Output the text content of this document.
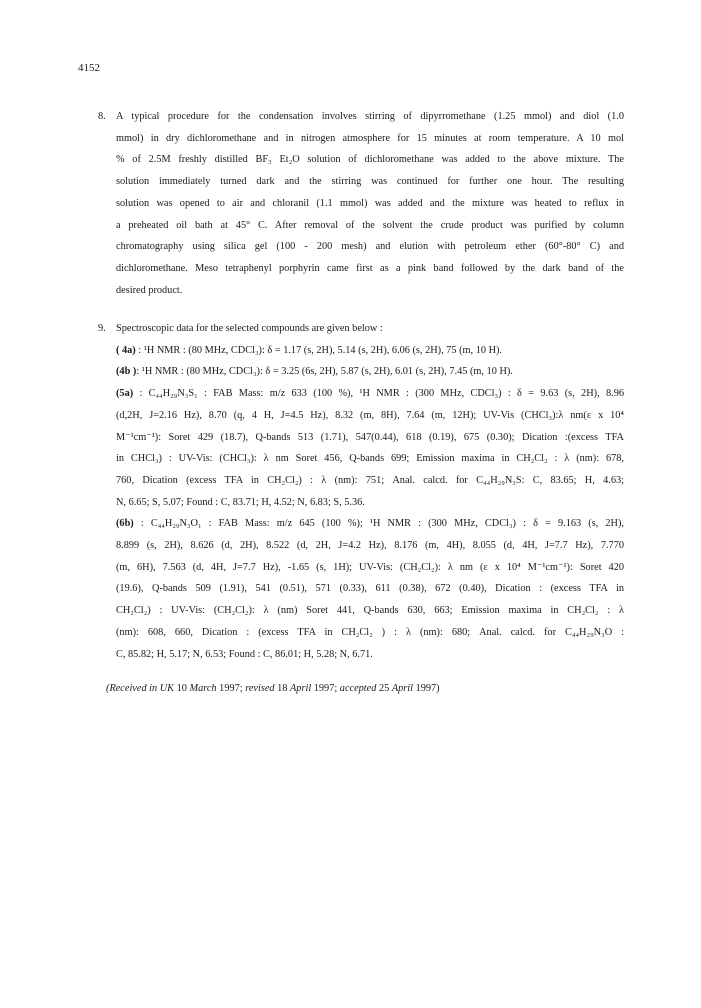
4152
8. A typical procedure for the condensation involves stirring of dipyrromethane (1.25 mmol) and diol (1.0
mmol) in dry dichloromethane and in nitrogen atmosphere for 15 minutes at room temperature. A 10 mol
% of 2.5M freshly distilled BF₃ Et₂O solution of dichloromethane was added to the above mixture. The
solution immediately turned dark and the stirring was continued for further one hour. The resulting
solution was opened to air and chloranil (1.1 mmol) was added and the mixture was heated to reflux in
a preheated oil bath at 45° C. After removal of the solvent the crude product was purified by column
chromatography using silica gel (100 - 200 mesh) and elution with petroleum ether (60°-80° C) and
dichloromethane. Meso tetraphenyl porphyrin came first as a pink band followed by the dark band of the
desired product.
9. Spectroscopic data for the selected compounds are given below :
( 4a) : ¹H NMR : (80 MHz, CDCl₃): δ = 1.17 (s, 2H), 5.14 (s, 2H), 6.06 (s, 2H), 75 (m, 10 H).
(4b ): ¹H NMR : (80 MHz, CDCl₃): δ = 3.25 (6s, 2H), 5.87 (s, 2H), 6.01 (s, 2H), 7.45 (m, 10 H).
(5a) : C₄₄H₂₉N₃S₁ : FAB Mass: m/z 633 (100 %), ¹H NMR : (300 MHz, CDCl₃) : δ = 9.63 (s, 2H), 8.96
(d,2H, J=2.16 Hz), 8.70 (q, 4 H, J=4.5 Hz), 8.32 (m, 8H), 7.64 (m, 12H); UV-Vis (CHCl₃):λ nm(ε x 10⁴
M⁻¹cm⁻¹): Soret 429 (18.7), Q-bands 513 (1.71), 547(0.44), 618 (0.19), 675 (0.30); Dication :(excess TFA
in CHCl₃) : UV-Vis: (CHCl₃): λ nm Soret 456, Q-bands 699; Emission maxima in CH₂Cl₂ : λ (nm): 678,
760, Dication (excess TFA in CH₂Cl₂) : λ (nm): 751; Anal. calcd. for C₄₄H₂₉N₃S: C, 83.65; H, 4.63;
N, 6.65; S, 5.07; Found : C, 83.71; H, 4.52; N, 6.83; S, 5.36.
(6b) : C₄₄H₂₉N₃O₁ : FAB Mass: m/z 645 (100 %); ¹H NMR : (300 MHz, CDCl₃) : δ = 9.163 (s, 2H),
8.899 (s, 2H), 8.626 (d, 2H), 8.522 (d, 2H, J=4.2 Hz), 8.176 (m, 4H), 8.055 (d, 4H, J=7.7 Hz), 7.770
(m, 6H), 7.563 (d, 4H, J=7.7 Hz), -1.65 (s, 1H); UV-Vis: (CH₂Cl₂): λ nm (ε x 10⁴ M⁻¹cm⁻¹): Soret 420
(19.6), Q-bands 509 (1.91), 541 (0.51), 571 (0.33), 611 (0.38), 672 (0.40), Dication : (excess TFA in
CH₂Cl₂) : UV-Vis: (CH₂Cl₂): λ (nm) Soret 441, Q-bands 630, 663; Emission maxima in CH₂Cl₂ : λ
(nm): 608, 660, Dication : (excess TFA in CH₂Cl₂ ) : λ (nm): 680; Anal. calcd. for C₄₄H₂₉N₃O :
C, 85.82; H, 5.17; N, 6.53; Found : C, 86.01; H, 5.28; N, 6.71.
(Received in UK 10 March 1997; revised 18 April 1997; accepted 25 April 1997)
